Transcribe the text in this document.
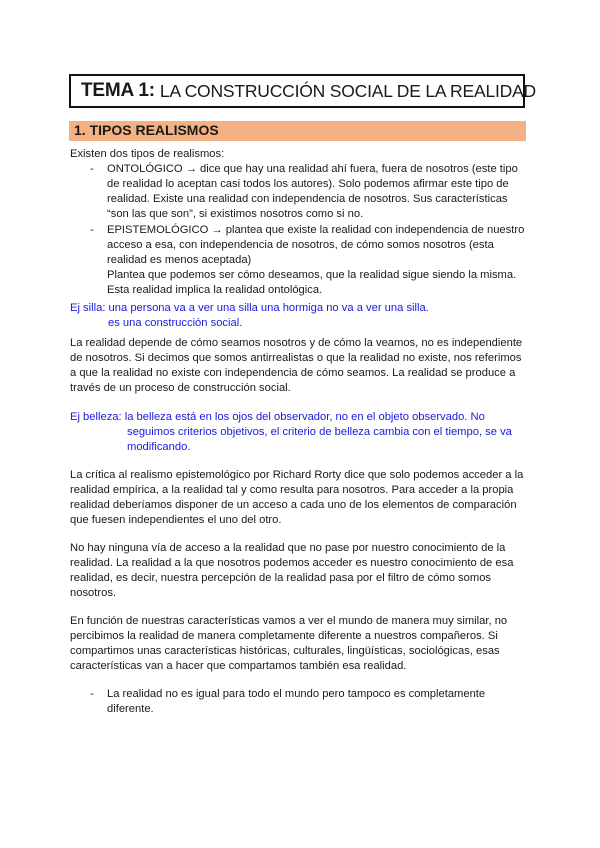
TEMA 1: LA CONSTRUCCIÓN SOCIAL DE LA REALIDAD
1. TIPOS REALISMOS
Existen dos tipos de realismos:
- ONTOLÓGICO → dice que hay una realidad ahí fuera, fuera de nosotros (este tipo
de realidad lo aceptan casi todos los autores). Solo podemos afirmar este tipo de
realidad. Existe una realidad con independencia de nosotros. Sus características
“son las que son”, si existimos nosotros como si no.
- EPISTEMOLÓGICO → plantea que existe la realidad con independencia de nuestro
acceso a esa, con independencia de nosotros, de cómo somos nosotros (esta
realidad es menos aceptada)
Plantea que podemos ser cómo deseamos, que la realidad sigue siendo la misma.
Esta realidad implica la realidad ontológica.
Ej silla: una persona va a ver una silla una hormiga no va a ver una silla.
es una construcción social.
La realidad depende de cómo seamos nosotros y de cómo la veamos, no es independiente
de nosotros. Si decimos que somos antirrealistas o que la realidad no existe, nos referimos
a que la realidad no existe con independencia de cómo seamos. La realidad se produce a
través de un proceso de construcción social.
Ej belleza: la belleza está en los ojos del observador, no en el objeto observado. No
seguimos criterios objetivos, el criterio de belleza cambia con el tiempo, se va
modificando.
La crítica al realismo epistemológico por Richard Rorty dice que solo podemos acceder a la
realidad empírica, a la realidad tal y como resulta para nosotros. Para acceder a la propia
realidad deberíamos disponer de un acceso a cada uno de los elementos de comparación
que fuesen independientes el uno del otro.
No hay ninguna vía de acceso a la realidad que no pase por nuestro conocimiento de la
realidad. La realidad a la que nosotros podemos acceder es nuestro conocimiento de esa
realidad, es decir, nuestra percepción de la realidad pasa por el filtro de cómo somos
nosotros.
En función de nuestras características vamos a ver el mundo de manera muy similar, no
percibimos la realidad de manera completamente diferente a nuestros compañeros. Si
compartimos unas características históricas, culturales, lingüísticas, sociológicas, esas
características van a hacer que compartamos también esa realidad.
- La realidad no es igual para todo el mundo pero tampoco es completamente
diferente.
